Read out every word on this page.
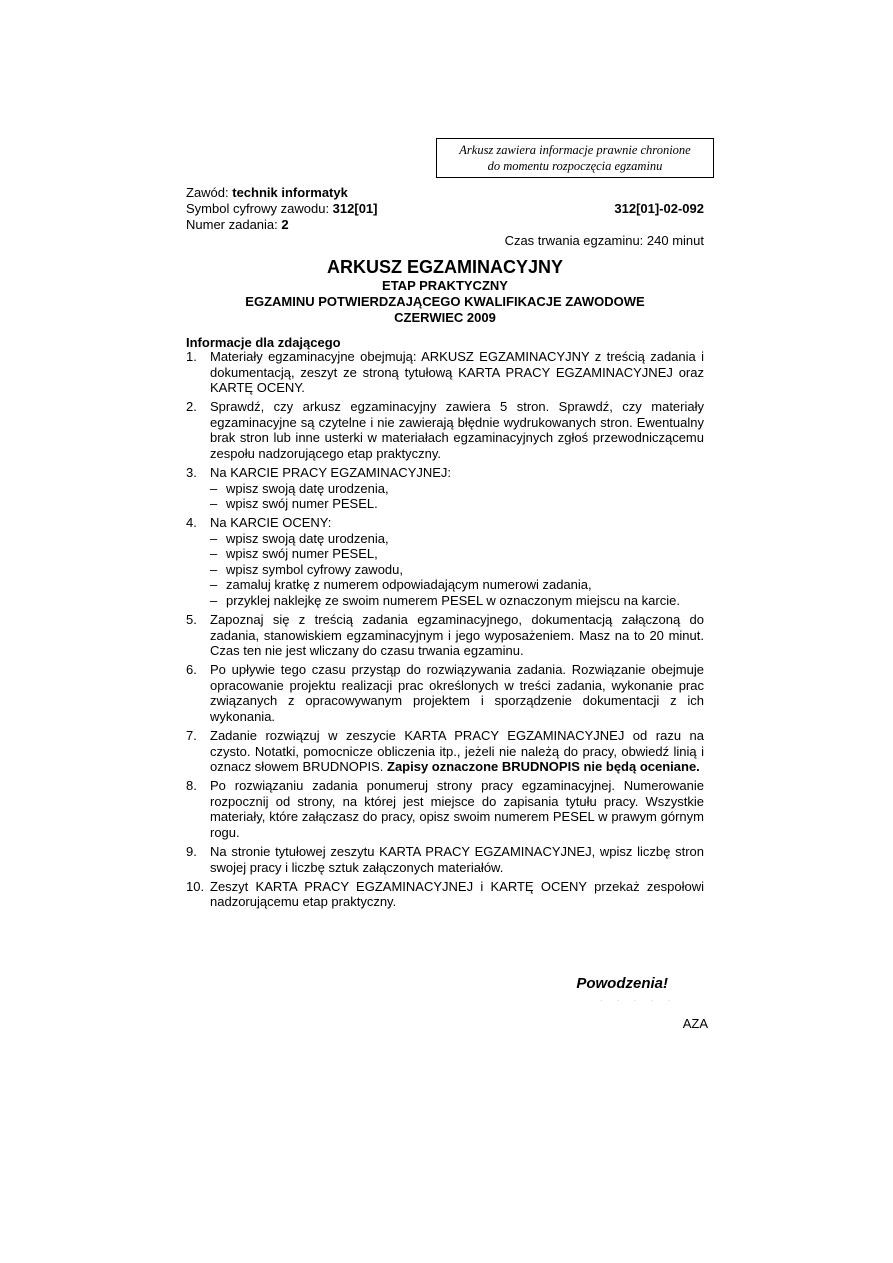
Arkusz zawiera informacje prawnie chronione
do momentu rozpoczęcia egzaminu
Zawód: technik informatyk
Symbol cyfrowy zawodu: 312[01]
Numer zadania: 2
312[01]-02-092
Czas trwania egzaminu: 240 minut
ARKUSZ EGZAMINACYJNY
ETAP PRAKTYCZNY
EGZAMINU POTWIERDZAJĄCEGO KWALIFIKACJE ZAWODOWE
CZERWIEC 2009
Informacje dla zdającego
1. Materiały egzaminacyjne obejmują: ARKUSZ EGZAMINACYJNY z treścią zadania i dokumentacją, zeszyt ze stroną tytułową KARTA PRACY EGZAMINACYJNEJ oraz KARTĘ OCENY.
2. Sprawdź, czy arkusz egzaminacyjny zawiera 5 stron. Sprawdź, czy materiały egzaminacyjne są czytelne i nie zawierają błędnie wydrukowanych stron. Ewentualny brak stron lub inne usterki w materiałach egzaminacyjnych zgłoś przewodniczącemu zespołu nadzorującego etap praktyczny.
3. Na KARCIE PRACY EGZAMINACYJNEJ:
– wpisz swoją datę urodzenia,
– wpisz swój numer PESEL.
4. Na KARCIE OCENY:
– wpisz swoją datę urodzenia,
– wpisz swój numer PESEL,
– wpisz symbol cyfrowy zawodu,
– zamaluj kratkę z numerem odpowiadającym numerowi zadania,
– przyklej naklejkę ze swoim numerem PESEL w oznaczonym miejscu na karcie.
5. Zapoznaj się z treścią zadania egzaminacyjnego, dokumentacją załączoną do zadania, stanowiskiem egzaminacyjnym i jego wyposażeniem. Masz na to 20 minut. Czas ten nie jest wliczany do czasu trwania egzaminu.
6. Po upływie tego czasu przystąp do rozwiązywania zadania. Rozwiązanie obejmuje opracowanie projektu realizacji prac określonych w treści zadania, wykonanie prac związanych z opracowywanym projektem i sporządzenie dokumentacji z ich wykonania.
7. Zadanie rozwiązuj w zeszycie KARTA PRACY EGZAMINACYJNEJ od razu na czysto. Notatki, pomocnicze obliczenia itp., jeżeli nie należą do pracy, obwiedź linią i oznacz słowem BRUDNOPIS. Zapisy oznaczone BRUDNOPIS nie będą oceniane.
8. Po rozwiązaniu zadania ponumeruj strony pracy egzaminacyjnej. Numerowanie rozpocznij od strony, na której jest miejsce do zapisania tytułu pracy. Wszystkie materiały, które załączasz do pracy, opisz swoim numerem PESEL w prawym górnym rogu.
9. Na stronie tytułowej zeszytu KARTA PRACY EGZAMINACYJNEJ, wpisz liczbę stron swojej pracy i liczbę sztuk załączonych materiałów.
10. Zeszyt KARTA PRACY EGZAMINACYJNEJ i KARTĘ OCENY przekaż zespołowi nadzorującemu etap praktyczny.
Powodzenia!
· · · · ·
AZA
